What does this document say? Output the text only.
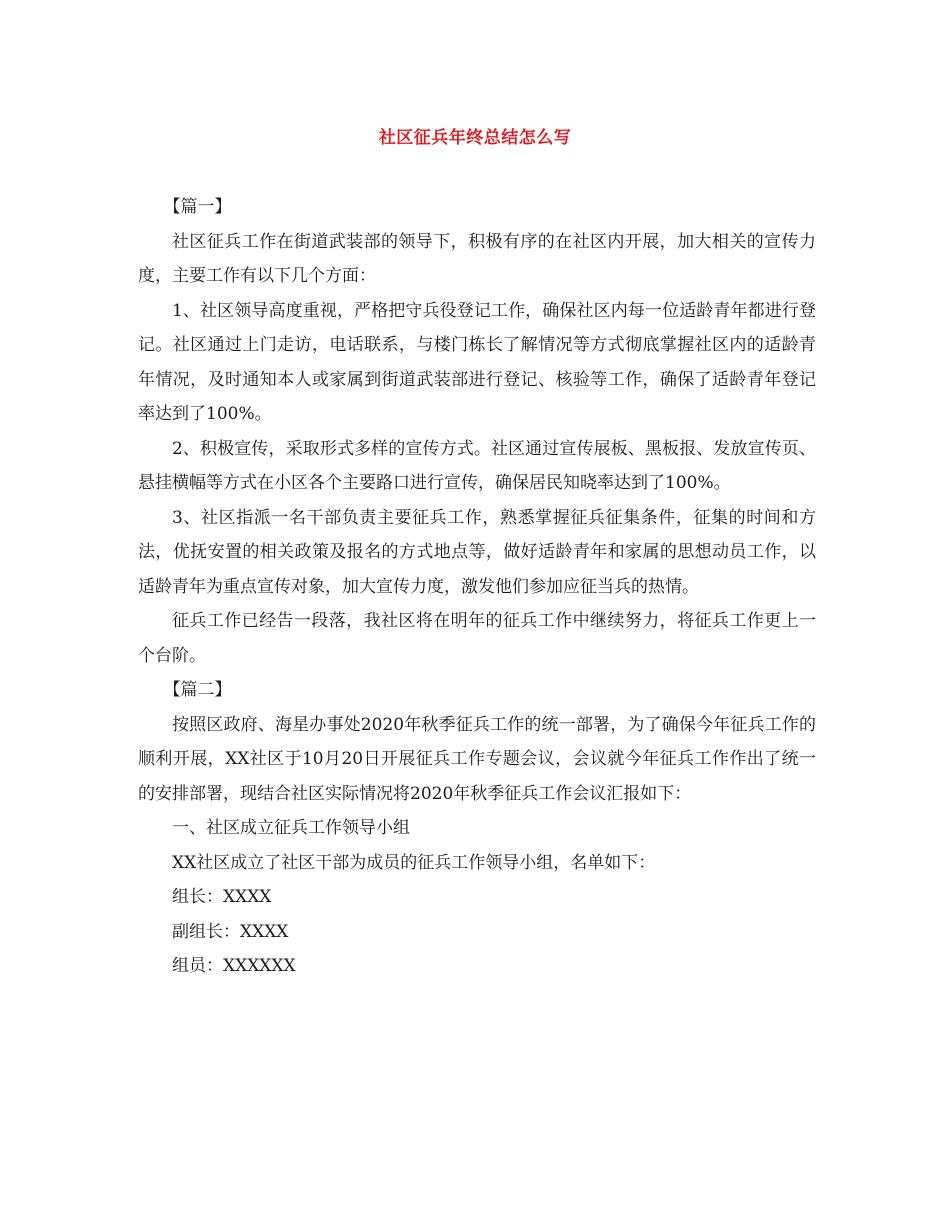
社区征兵年终总结怎么写

【篇一】

社区征兵工作在街道武装部的领导下，积极有序的在社区内开展，加大相关的宣传力度，主要工作有以下几个方面：

1、社区领导高度重视，严格把守兵役登记工作，确保社区内每一位适龄青年都进行登记。社区通过上门走访，电话联系，与楼门栋长了解情况等方式彻底掌握社区内的适龄青年情况，及时通知本人或家属到街道武装部进行登记、核验等工作，确保了适龄青年登记率达到了100%。

2、积极宣传，采取形式多样的宣传方式。社区通过宣传展板、黑板报、发放宣传页、悬挂横幅等方式在小区各个主要路口进行宣传，确保居民知晓率达到了100%。

3、社区指派一名干部负责主要征兵工作，熟悉掌握征兵征集条件，征集的时间和方法，优抚安置的相关政策及报名的方式地点等，做好适龄青年和家属的思想动员工作，以适龄青年为重点宣传对象，加大宣传力度，激发他们参加应征当兵的热情。

征兵工作已经告一段落，我社区将在明年的征兵工作中继续努力，将征兵工作更上一个台阶。

【篇二】

按照区政府、海星办事处2020年秋季征兵工作的统一部署，为了确保今年征兵工作的顺利开展，XX社区于10月20日开展征兵工作专题会议，会议就今年征兵工作作出了统一的安排部署，现结合社区实际情况将2020年秋季征兵工作会议汇报如下：

一、社区成立征兵工作领导小组

XX社区成立了社区干部为成员的征兵工作领导小组，名单如下：

组长：XXXX

副组长：XXXX

组员：XXXXXX
